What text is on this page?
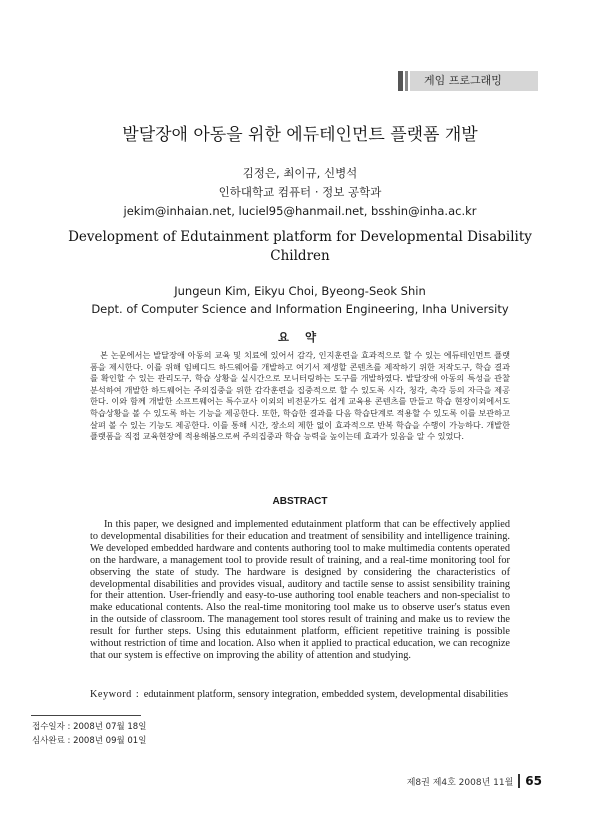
게임 프로그래밍
발달장애 아동을 위한 에듀테인먼트 플랫폼 개발
김정은, 최이규, 신병석
인하대학교 컴퓨터 · 정보 공학과
jekim@inhaian.net, luciel95@hanmail.net, bsshin@inha.ac.kr
Development of Edutainment platform for Developmental Disability Children
Jungeun Kim, Eikyu Choi, Byeong-Seok Shin
Dept. of Computer Science and Information Engineering, Inha University
요 약

본 논문에서는 발달장애 아동의 교육 및 치료에 있어서 감각, 인지훈련을 효과적으로 할 수 있는 에듀테인먼트 플랫폼을 제시한다. 이를 위해 임베디드 하드웨어를 개발하고 여기서 제생할 콘텐츠를 제작하기 위한 저작도구, 학습 결과를 확인할 수 있는 관리도구, 학습 상황을 실시간으로 모니터링하는 도구를 개발하였다. 발달장애 아동의 특성을 관찰 분석하여 개발한 하드웨어는 주의집중을 위한 감각훈련을 집중적으로 할 수 있도록 시각, 청각, 촉각 등의 자극을 제공한다. 이와 함께 개발한 소프트웨어는 특수교사 이외의 비전문가도 쉽게 교육용 콘텐츠를 만들고 학습 현장이외에서도 학습상황을 볼 수 있도록 하는 기능을 제공한다. 또한, 학습한 결과를 다음 학습단계로 적용할 수 있도록 이를 보관하고 살펴 볼 수 있는 기능도 제공한다. 이를 통해 시간, 장소의 제한 없이 효과적으로 반복 학습을 수행이 가능하다. 개발한 플랫폼을 직접 교육현장에 적용해봄으로써 주의집중과 학습 능력을 높이는데 효과가 있음을 알 수 있었다.

ABSTRACT

In this paper, we designed and implemented edutainment platform that can be effectively applied to developmental disabilities for their education and treatment of sensibility and intelligence training. We developed embedded hardware and contents authoring tool to make multimedia contents operated on the hardware, a management tool to provide result of training, and a real-time monitoring tool for observing the state of study. The hardware is designed by considering the characteristics of developmental disabilities and provides visual, auditory and tactile sense to assist sensibility training for their attention. User-friendly and easy-to-use authoring tool enable teachers and non-specialist to make educational contents. Also the real-time monitoring tool make us to observe user's status even in the outside of classroom. The management tool stores result of training and make us to review the result for further steps. Using this edutainment platform, efficient repetitive training is possible without restriction of time and location. Also when it applied to practical education, we can recognize that our system is effective on improving the ability of attention and studying.

Keyword : edutainment platform, sensory integration, embedded system, developmental disabilities
접수일자 : 2008년 07월 18일
심사완료 : 2008년 09월 01일
제8권 제4호 2008년 11월 65
